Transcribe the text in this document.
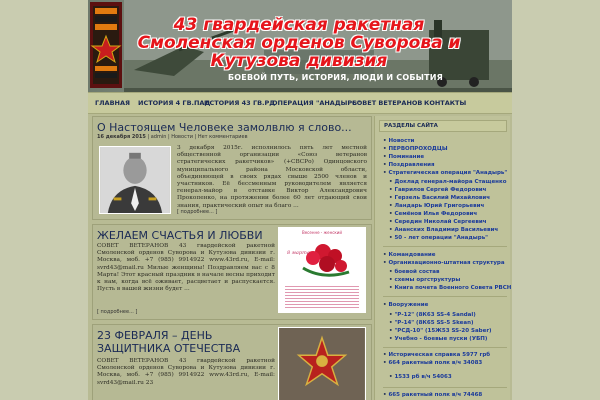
43 гвардейская ракетная Смоленская орденов Суворова и Кутузова дивизия
БОЕВОЙ ПУТЬ, ИСТОРИЯ, ЛЮДИ И СОБЫТИЯ
ГЛАВНАЯ ИСТОРИЯ 4 ГВ.ПАД
ИСТОРИЯ 43 ГВ.РД
ОПЕРАЦИЯ "АНАДЫРЬ"
СОВЕТ ВЕТЕРАНОВ КОНТАКТЫ
О Настоящем Человеке замолвлю я слово...
16 декабря 2015 | admin | Новости | Нет комментариев
3 декабря 2015г. исполнилось пять лет местной общественной организации «Союз ветеранов стратегических ракетчиков» (+СВСРо) Одинцовского муниципального района Московской области, объединяющей в своих рядах свыше 2500 членов и участников. Её бессменным руководителем является генерал-майор в отставке Виктор Александрович Прокопенко, на протяжении более 60 лет отдающий свои знания, практический опыт на благо ...
[ подробнее... ]
ЖЕЛАЕМ СЧАСТЬЯ И ЛЮБВИ
СОВЕТ ВЕТЕРАНОВ 43 гвардейской ракетной Смоленской орденов Суворова и Кутузова дивизии г. Москва, моб. +7 (985) 9914922 www.43rd.ru, E-mail: svrd43@mail.ru Милые женщины! Поздравляем вас с 8 Марта! Этот красный праздник в начале весны приходит к нам, когда всё оживает, расцветает и распускается. Пусть в вашей жизни будет ...
[ подробнее... ]
Весенне - женский
8 марта
23 ФЕВРАЛЯ – ДЕНЬ ЗАЩИТНИКА ОТЕЧЕСТВА
СОВЕТ ВЕТЕРАНОВ 43 гвардейской ракетной Смоленской орденов Суворова и Кутузова дивизии г. Москва, моб. +7 (985) 9914922 www.43rd.ru, E-mail: svrd43@mail.ru 23
РАЗДЕЛЫ САЙТА
• Новости
• ПЕРВОПРОХОДЦЫ
• Поминание
• Поздравления
• Стратегическая операция "Анадырь"
• Доклад генерал-майора Стащенко
• Гаврилов Сергей Федорович
• Герзель Василий Михайлович
• Ландарь Юрий Григорьевич
• Семёнов Илья Федорович
• Середин Николай Сергеевич
• Ананских Владимир Васильевич
• 50 - лет операции "Анадырь"
• Командование
• Организационно-штатная структура
• боевой состав
• схемы оргструктуры
• Книга почета Военного Совета РВСН
• Вооружение
• "Р-12" (8К63 SS-4 Sandal)
• "Р-14" (8К65 SS-5 Skean)
• "РСД-10" (15Ж53 SS-20 Saber)
• Учебно - боевые пуски (УБП)
• Историческая справка 5977 грб
• 664 ракетный полк в/ч 34083
• 1533 рб в/ч 54063
• 665 ракетный полк в/ч 74468
